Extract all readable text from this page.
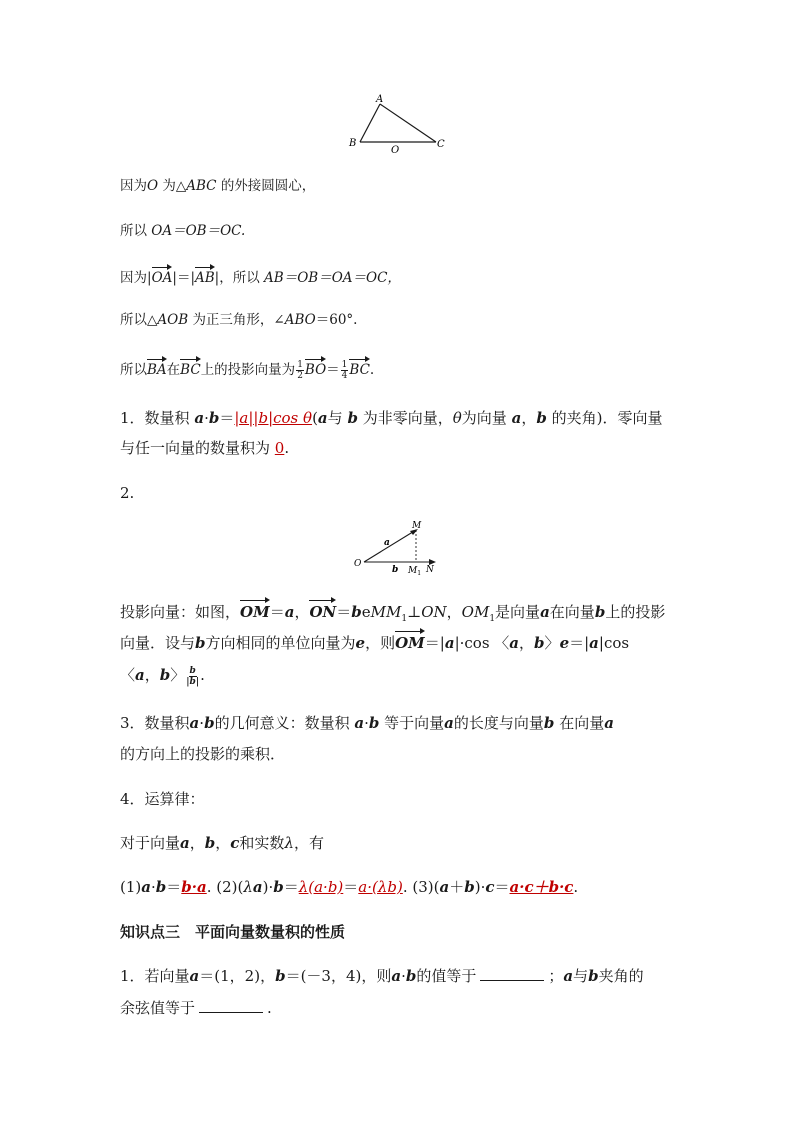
A
B
O
C
因为O 为△ABC 的外接圆圆心，
所以 OA＝OB＝OC.
因为|OA|＝|AB|，所以 AB＝OB＝OA＝OC，
所以△AOB 为正三角形，∠ABO＝60°.
所以BA在BC上的投影向量为 $\frac{1}{2} BO= \frac{1}{4}$ BC.
1．数量积 a·b＝|a||b|cos θ(a与 b 为非零向量，θ为向量 a，b 的夹角)．零向量
与任一向量的数量积为 0.
2.
M
a
O
b $M_1$ N
投影向量：如图，OM＝a，ON＝beMM$_1$⊥ON，$OM_1$是向量a在向量b上的投影
向量．设与b方向相同的单位向量为e，则OM＝|a|·cos 〈a，b〉e＝|a|cos
〈a，b〉 $\frac{b}{|b|}$ .
3．数量积a·b的几何意义：数量积 a·b 等于向量a的长度与向量b 在向量a
的方向上的投影的乘积．
4．运算律：
对于向量a，b，c和实数λ，有
(1)a·b＝b·a. (2)(λa)·b＝λ(a·b)＝a·(λb). (3)(a＋b)·c＝a·c＋b·c.
知识点三　平面向量数量积的性质
1．若向量a＝(1，2)，b＝(－3，4)，则a·b的值等于	；a与b夹角的
余弦值等于	.
